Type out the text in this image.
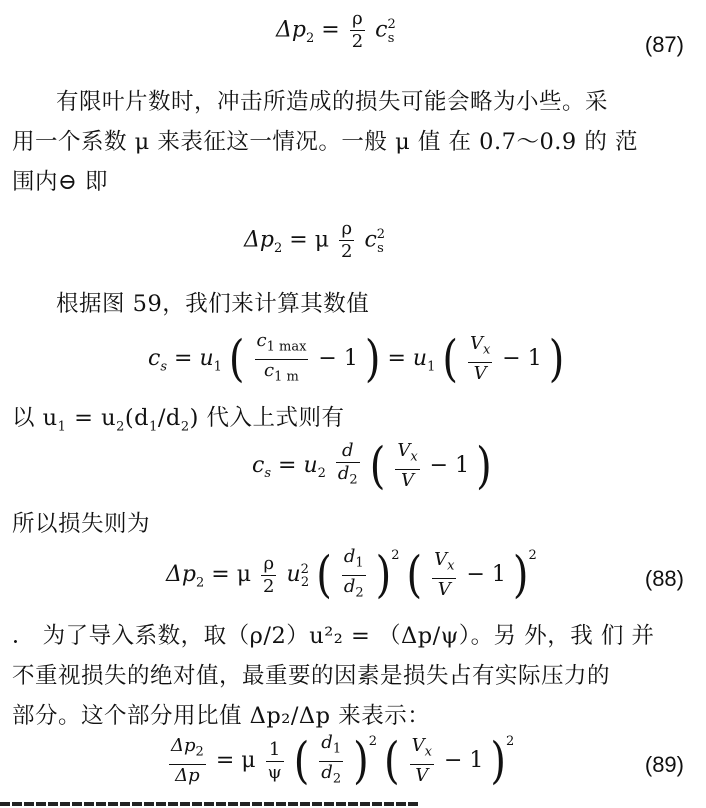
$\Delta p_2 = \frac{\rho}{2} c^2_s$	(87)

有限叶片数时，冲击所造成的损失可能会略为小些。采
用一个系数 μ 来表征这一情况。一般 μ 值 在 0.7～0.9 的 范
围内⊖ 即

$\Delta p_2 = \mu \frac{\rho}{2} c^2_s$

根据图 59，我们来计算其数值

$c_s = u_1$ ( $\frac{c_{1 max}}{c_{1 m}} - 1$ ) = $u_1$ ( $\frac{V_x}{V} - 1$ )

以 $u_1 = u_2(d_1/d_2)$ 代入上式则有

$c_s = u_2 \frac{d}{d_2}$ ( $\frac{V_x}{V} - 1$ )

所以损失则为

$\Delta p_2 = \mu \frac{\rho}{2} u^2_2$ ( $\frac{d_1}{d_2} )^2$ ( $\frac{V_x}{V} - 1$ )$^2$
(88)

． 为了导入系数，取（ρ/2）u²₂ = （Δp/ψ）。另 外，我 们 并
不重视损失的绝对值，最重要的因素是损失占有实际压力的
部分。这个部分用比值 Δp₂/Δp 来表示：

$\frac{\Delta p_2}{\Delta p} = \mu \frac{1}{\psi}$ ( $\frac{d_1}{d_2} )^2$ ( $\frac{V_x}{V} - 1$ )$^2$
(89)
